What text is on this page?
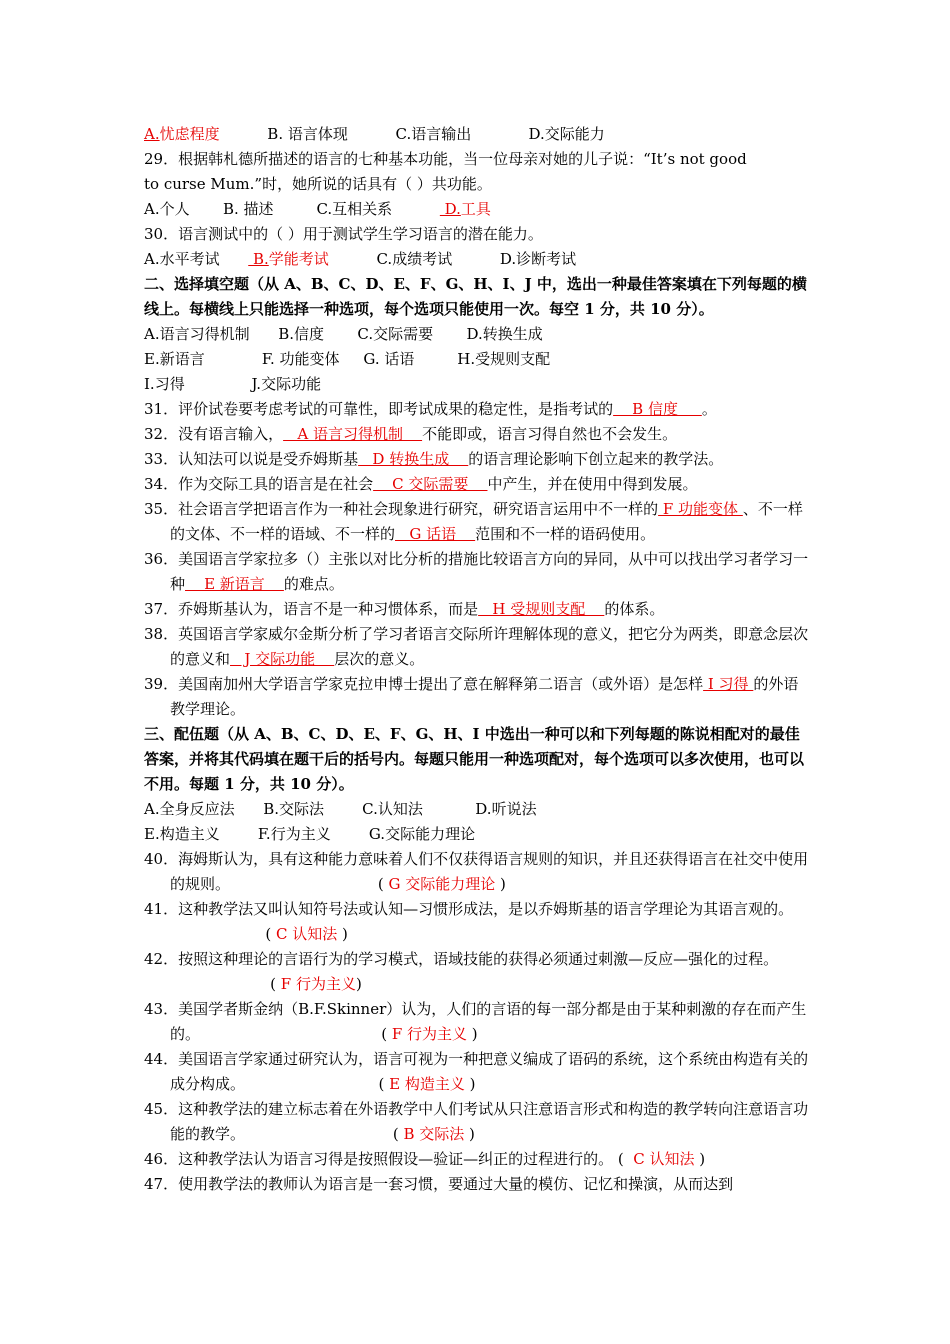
A.忧虑程度          B. 语言体现          C.语言输出            D.交际能力
29．根据韩札德所描述的语言的七种基本功能，当一位母亲对她的儿子说：“It’s not good
to curse Mum.”时，她所说的话具有（ ）共功能。
A.个人       B. 描述         C.互相关系           D.工具
30．语言测试中的（ ）用于测试学生学习语言的潜在能力。
A.水平考试       B.学能考试          C.成绩考试          D.诊断考试
二、选择填空题（从 A、B、C、D、E、F、G、H、I、J 中，选出一种最佳答案填在下列每题的横线上。每横线上只能选择一种选项，每个选项只能使用一次。每空 1 分，共 10 分）。
A.语言习得机制      B.信度       C.交际需要       D.转换生成
E.新语言            F. 功能变体     G. 话语         H.受规则支配
I.习得              J.交际功能
31．评价试卷要考虑考试的可靠性，即考试成果的稳定性，是指考试的    B 信度     。
32．没有语言输入，   A 语言习得机制    不能即或，语言习得自然也不会发生。
33．认知法可以说是受乔姆斯基   D 转换生成    的语言理论影响下创立起来的教学法。
34．作为交际工具的语言是在社会    C 交际需要    中产生，并在使用中得到发展。
35．社会语言学把语言作为一种社会现象进行研究，研究语言运用中不一样的 F 功能变体 、不一样的文体、不一样的语域、不一样的   G 话语    范围和不一样的语码使用。
36．美国语言学家拉多（）主张以对比分析的措施比较语言方向的异同，从中可以找出学习者学习一种    E 新语言    的难点。
37．乔姆斯基认为，语言不是一种习惯体系，而是   H 受规则支配    的体系。
38．英国语言学家威尔金斯分析了学习者语言交际所许理解体现的意义，把它分为两类，即意念层次的意义和   J 交际功能    层次的意义。
39．美国南加州大学语言学家克拉申博士提出了意在解释第二语言（或外语）是怎样 I 习得 的外语教学理论。
三、配伍题（从 A、B、C、D、E、F、G、H、I 中选出一种可以和下列每题的陈说相配对的最佳答案，并将其代码填在题干后的括号内。每题只能用一种选项配对，每个选项可以多次使用，也可以不用。每题 1 分，共 10 分）。
A.全身反应法      B.交际法        C.认知法           D.听说法
E.构造主义        F.行为主义        G.交际能力理论
40．海姆斯认为，具有这种能力意味着人们不仅获得语言规则的知识，并且还获得语言在社交中使用的规则。	( G 交际能力理论 )
41．这种教学法又叫认知符号法或认知—习惯形成法，是以乔姆斯基的语言学理论为其语言观的。                    ( C 认知法 )
42．按照这种理论的言语行为的学习模式，语域技能的获得必须通过刺激—反应—强化的过程。                     ( F 行为主义)
43．美国学者斯金纳（B.F.Skinner）认为，人们的言语的每一部分都是由于某种刺激的存在而产生的。	( F 行为主义 )
44．美国语言学家通过研究认为，语言可视为一种把意义编成了语码的系统，这个系统由构造有关的成分构成。	( E 构造主义 )
45．这种教学法的建立标志着在外语教学中人们考试从只注意语言形式和构造的教学转向注意语言功能的教学。	( B 交际法 )
46．这种教学法认为语言习得是按照假设—验证—纠正的过程进行的。 (  C 认知法 )
47．使用教学法的教师认为语言是一套习惯，要通过大量的模仿、记忆和操演，从而达到
